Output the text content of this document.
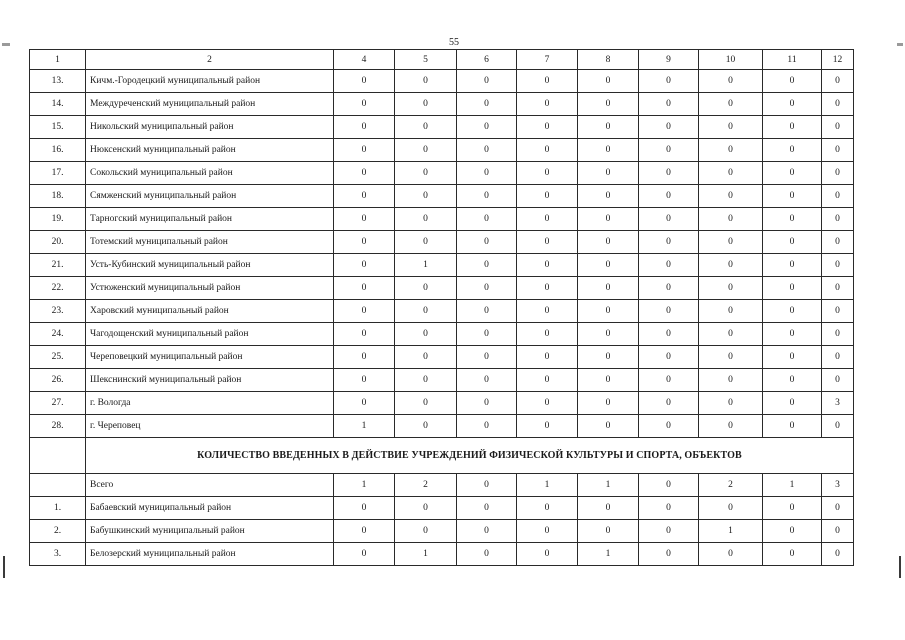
55
1	2	4	5	6	7	8	9	10	11	12
13.	Кичм.-Городецкий муниципальный район	0	0	0	0	0	0	0	0	0
14.	Междуреченский муниципальный район	0	0	0	0	0	0	0	0	0
15.	Никольский муниципальный район	0	0	0	0	0	0	0	0	0
16.	Нюксенский муниципальный район	0	0	0	0	0	0	0	0	0
17.	Сокольский муниципальный район	0	0	0	0	0	0	0	0	0
18.	Сямженский муниципальный район	0	0	0	0	0	0	0	0	0
19.	Тарногский муниципальный район	0	0	0	0	0	0	0	0	0
20.	Тотемский муниципальный район	0	0	0	0	0	0	0	0	0
21.	Усть-Кубинский муниципальный район	0	1	0	0	0	0	0	0	0
22.	Устюженский муниципальный район	0	0	0	0	0	0	0	0	0
23.	Харовский муниципальный район	0	0	0	0	0	0	0	0	0
24.	Чагодощенский муниципальный район	0	0	0	0	0	0	0	0	0
25.	Череповецкий муниципальный район	0	0	0	0	0	0	0	0	0
26.	Шекснинский муниципальный район	0	0	0	0	0	0	0	0	0
27.	г. Вологда	0	0	0	0	0	0	0	0	3
28.	г. Череповец	1	0	0	0	0	0	0	0	0
	КОЛИЧЕСТВО ВВЕДЕННЫХ В ДЕЙСТВИЕ УЧРЕЖДЕНИЙ ФИЗИЧЕСКОЙ КУЛЬТУРЫ И СПОРТА, ОБЪЕКТОВ									
	Всего	1	2	0	1	1	0	2	1	3
1.	Бабаевский муниципальный район	0	0	0	0	0	0	0	0	0
2.	Бабушкинский муниципальный район	0	0	0	0	0	0	1	0	0
3.	Белозерский муниципальный район	0	1	0	0	1	0	0	0	0
